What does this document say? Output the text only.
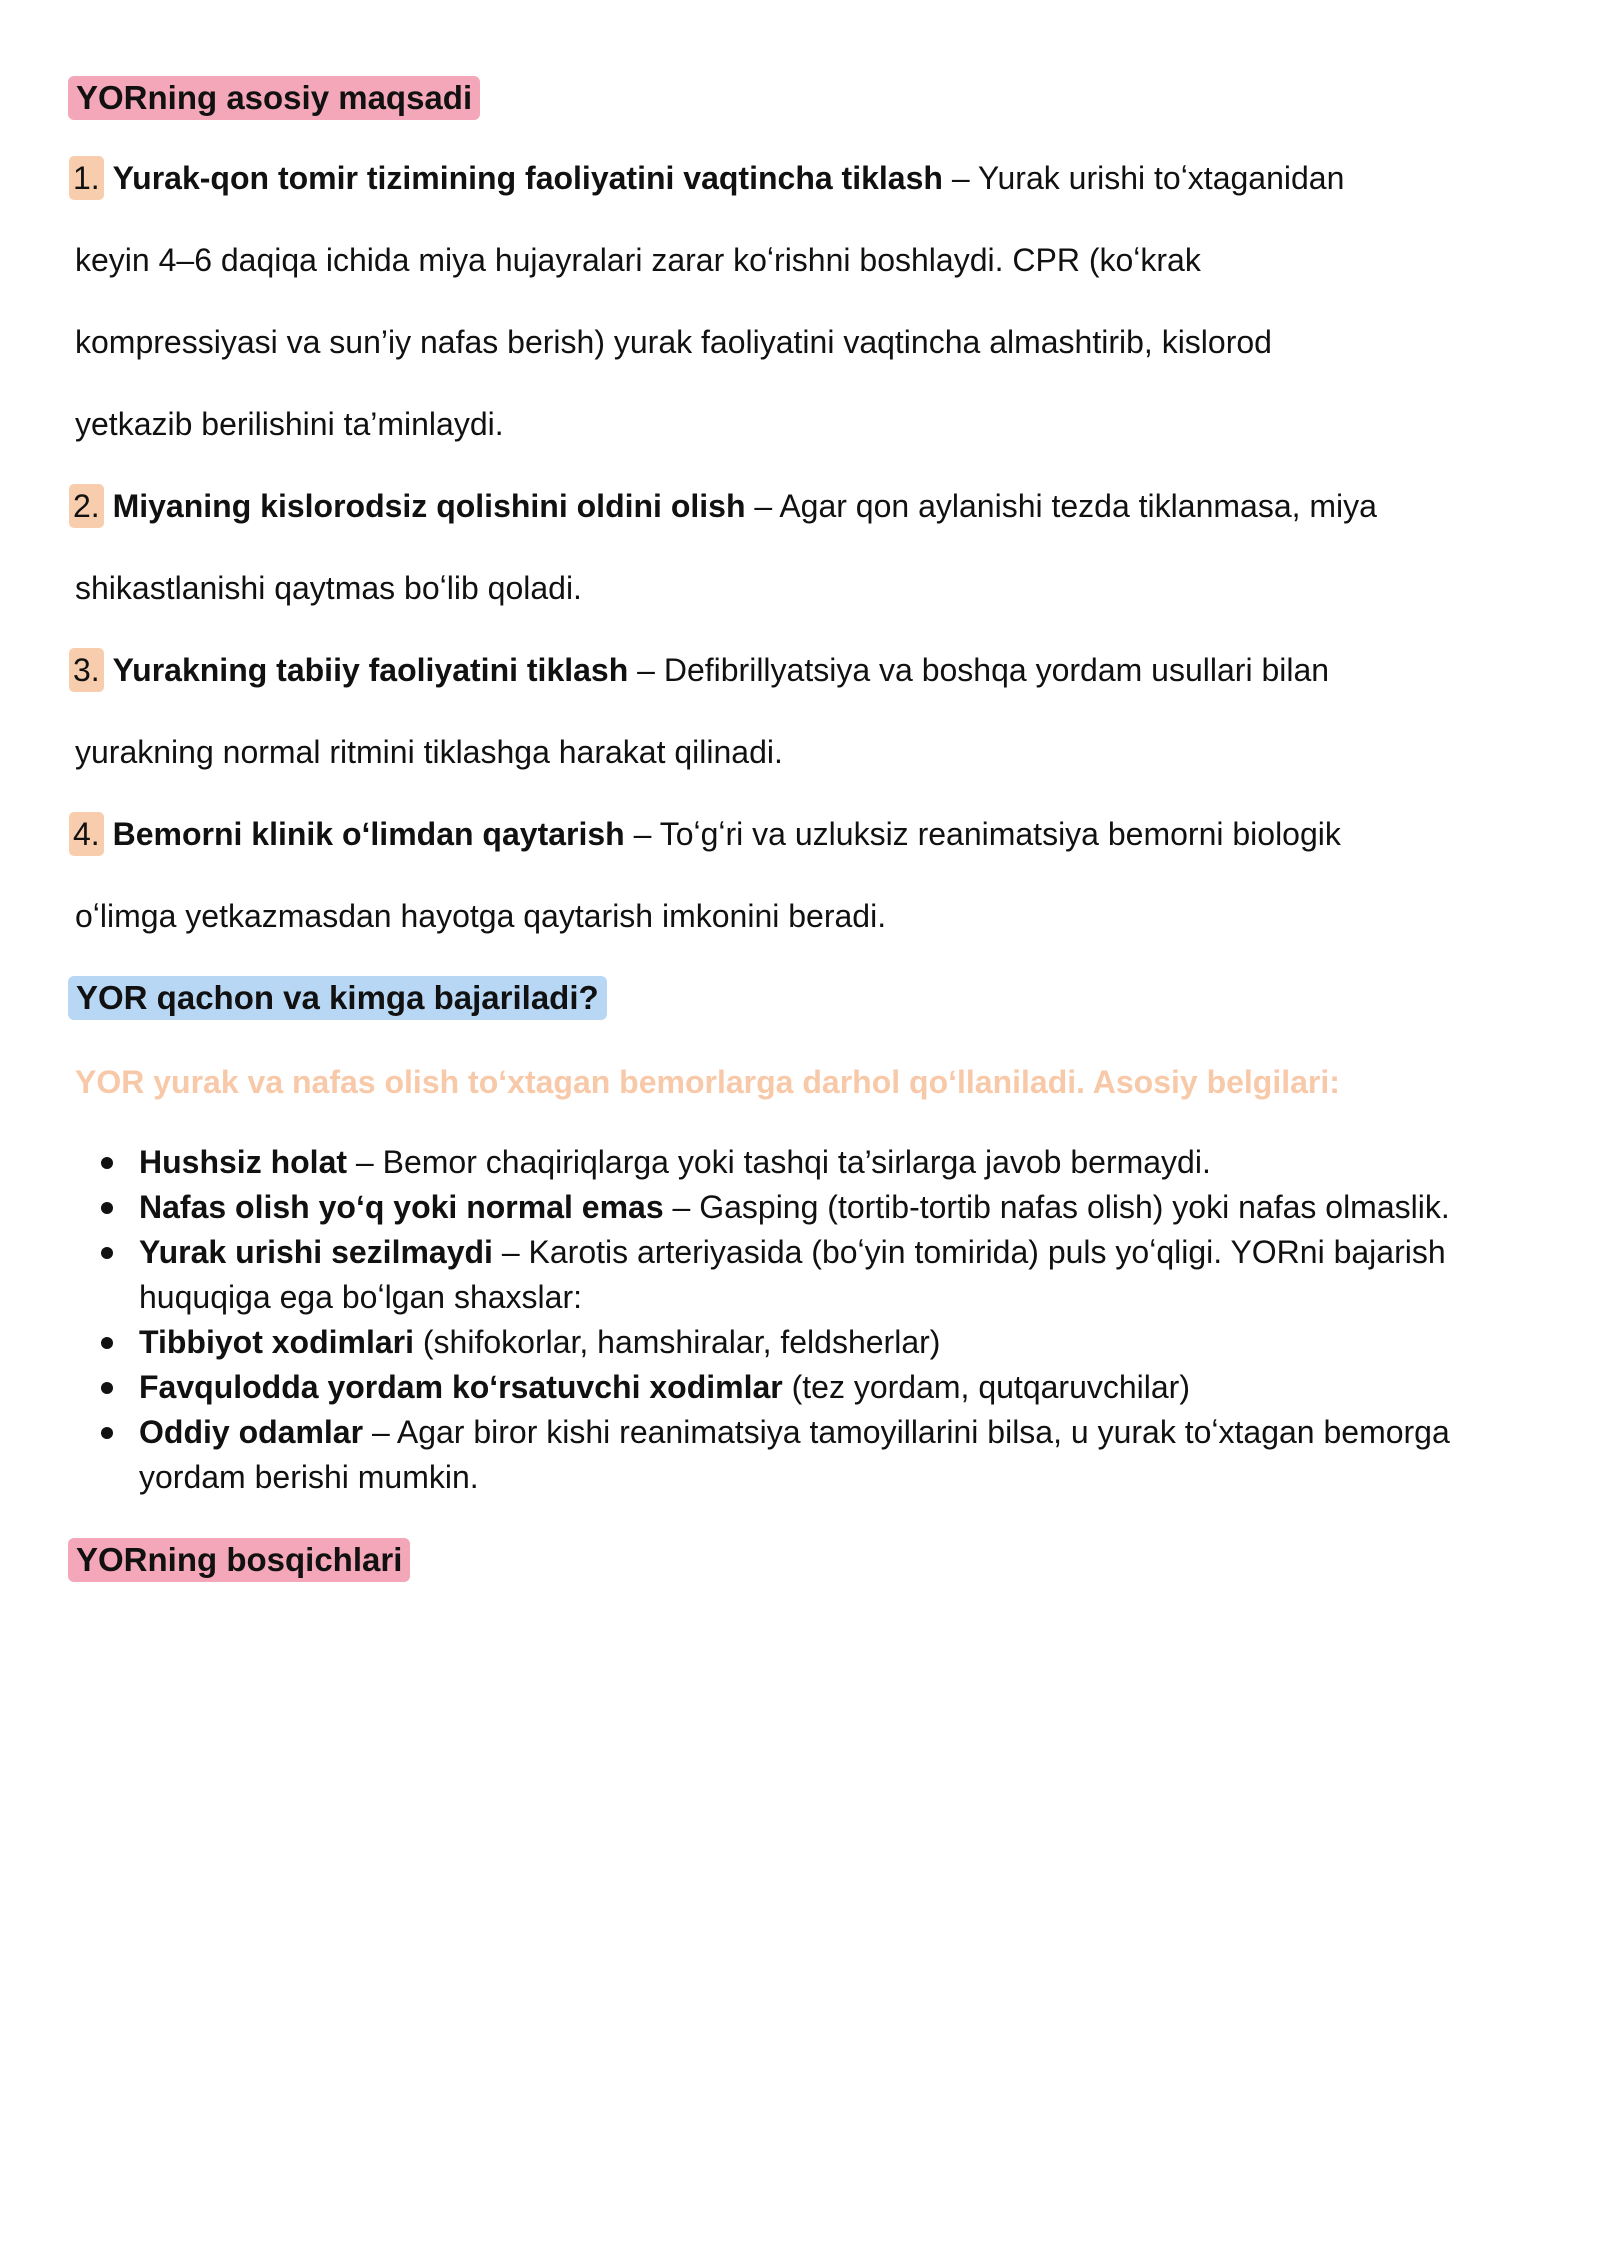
YORning asosiy maqsadi
1. Yurak-qon tomir tizimining faoliyatini vaqtincha tiklash – Yurak urishi toʻxtaganidan
keyin 4–6 daqiqa ichida miya hujayralari zarar koʻrishni boshlaydi. CPR (koʻkrak
kompressiyasi va sun’iy nafas berish) yurak faoliyatini vaqtincha almashtirib, kislorod
yetkazib berilishini ta’minlaydi.
2. Miyaning kislorodsiz qolishini oldini olish – Agar qon aylanishi tezda tiklanmasa, miya
shikastlanishi qaytmas boʻlib qoladi.
3. Yurakning tabiiy faoliyatini tiklash – Defibrillyatsiya va boshqa yordam usullari bilan
yurakning normal ritmini tiklashga harakat qilinadi.
4. Bemorni klinik oʻlimdan qaytarish – Toʻgʻri va uzluksiz reanimatsiya bemorni biologik
oʻlimga yetkazmasdan hayotga qaytarish imkonini beradi.
YOR qachon va kimga bajariladi?
YOR yurak va nafas olish toʻxtagan bemorlarga darhol qoʻllaniladi. Asosiy belgilari:
Hushsiz holat – Bemor chaqiriqlarga yoki tashqi ta’sirlarga javob bermaydi.
Nafas olish yoʻq yoki normal emas – Gasping (tortib-tortib nafas olish) yoki nafas olmaslik.
Yurak urishi sezilmaydi – Karotis arteriyasida (boʻyin tomirida) puls yoʻqligi. YORni bajarish huquqiga ega boʻlgan shaxslar:
Tibbiyot xodimlari (shifokorlar, hamshiralar, feldsherlar)
Favqulodda yordam koʻrsatuvchi xodimlar (tez yordam, qutqaruvchilar)
Oddiy odamlar – Agar biror kishi reanimatsiya tamoyillarini bilsa, u yurak toʻxtagan bemorga yordam berishi mumkin.
YORning bosqichlari
